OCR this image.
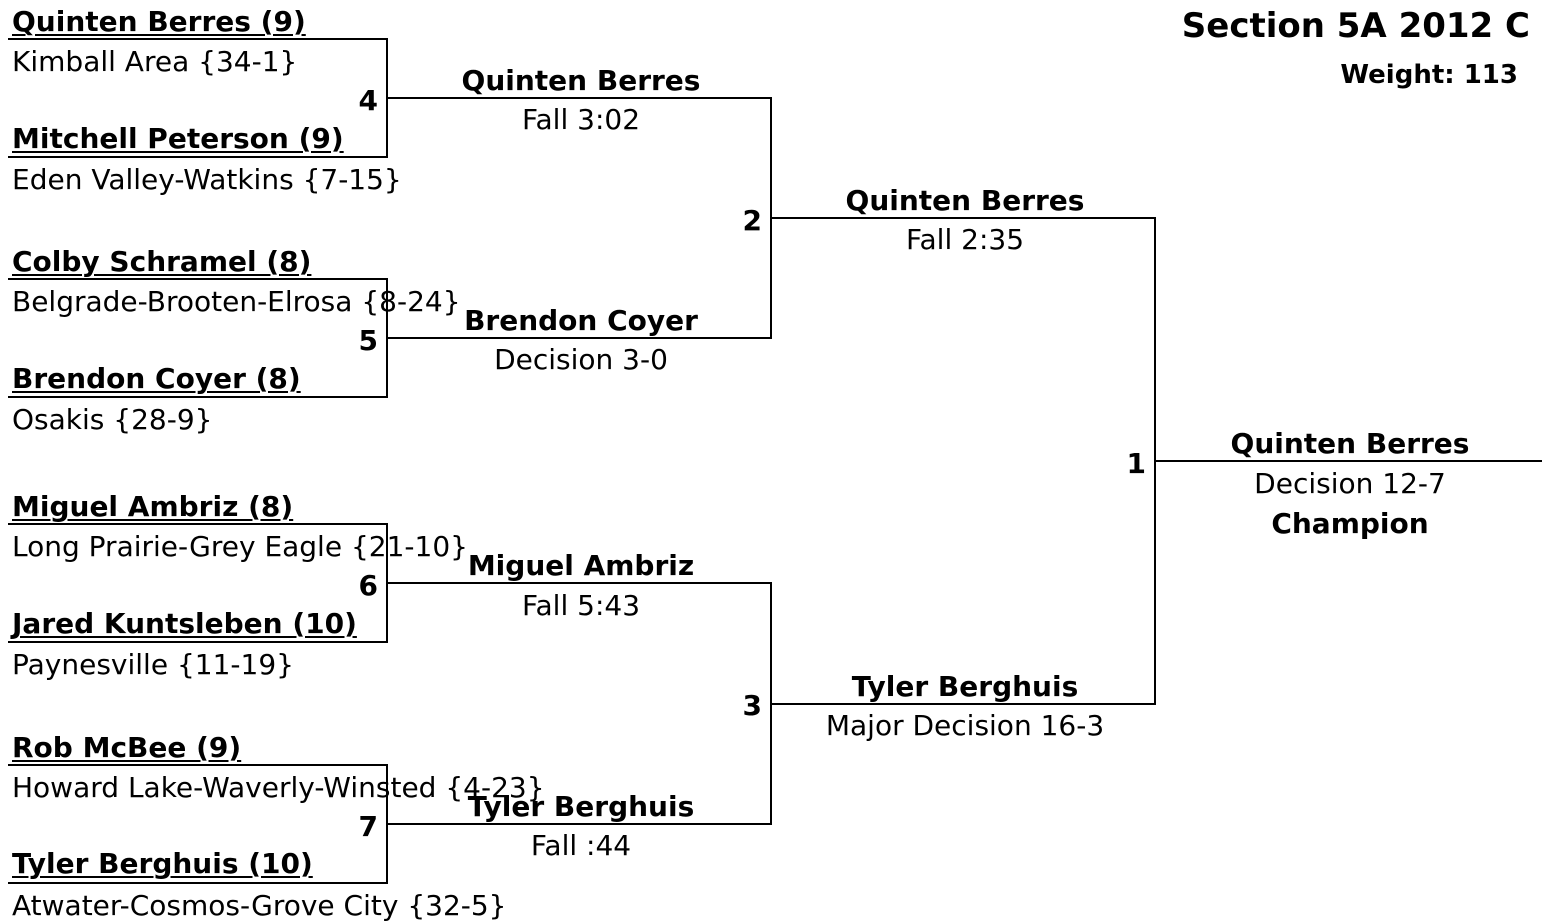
Section 5A 2012 C
Weight: 113
Quinten Berres (9)
Kimball Area {34-1}
4
Mitchell Peterson (9)
Eden Valley-Watkins {7-15}
Colby Schramel (8)
Belgrade-Brooten-Elrosa {8-24}
5
Brendon Coyer (8)
Osakis {28-9}
Miguel Ambriz (8)
Long Prairie-Grey Eagle {21-10}
6
Jared Kuntsleben (10)
Paynesville {11-19}
Rob McBee (9)
Howard Lake-Waverly-Winsted {4-23}
7
Tyler Berghuis (10)
Atwater-Cosmos-Grove City {32-5}
Quinten Berres
Fall 3:02
Brendon Coyer
Decision 3-0
Miguel Ambriz
Fall 5:43
Tyler Berghuis
Fall :44
2
Quinten Berres
Fall 2:35
3
Tyler Berghuis
Major Decision 16-3
1
Quinten Berres
Decision 12-7
Champion
